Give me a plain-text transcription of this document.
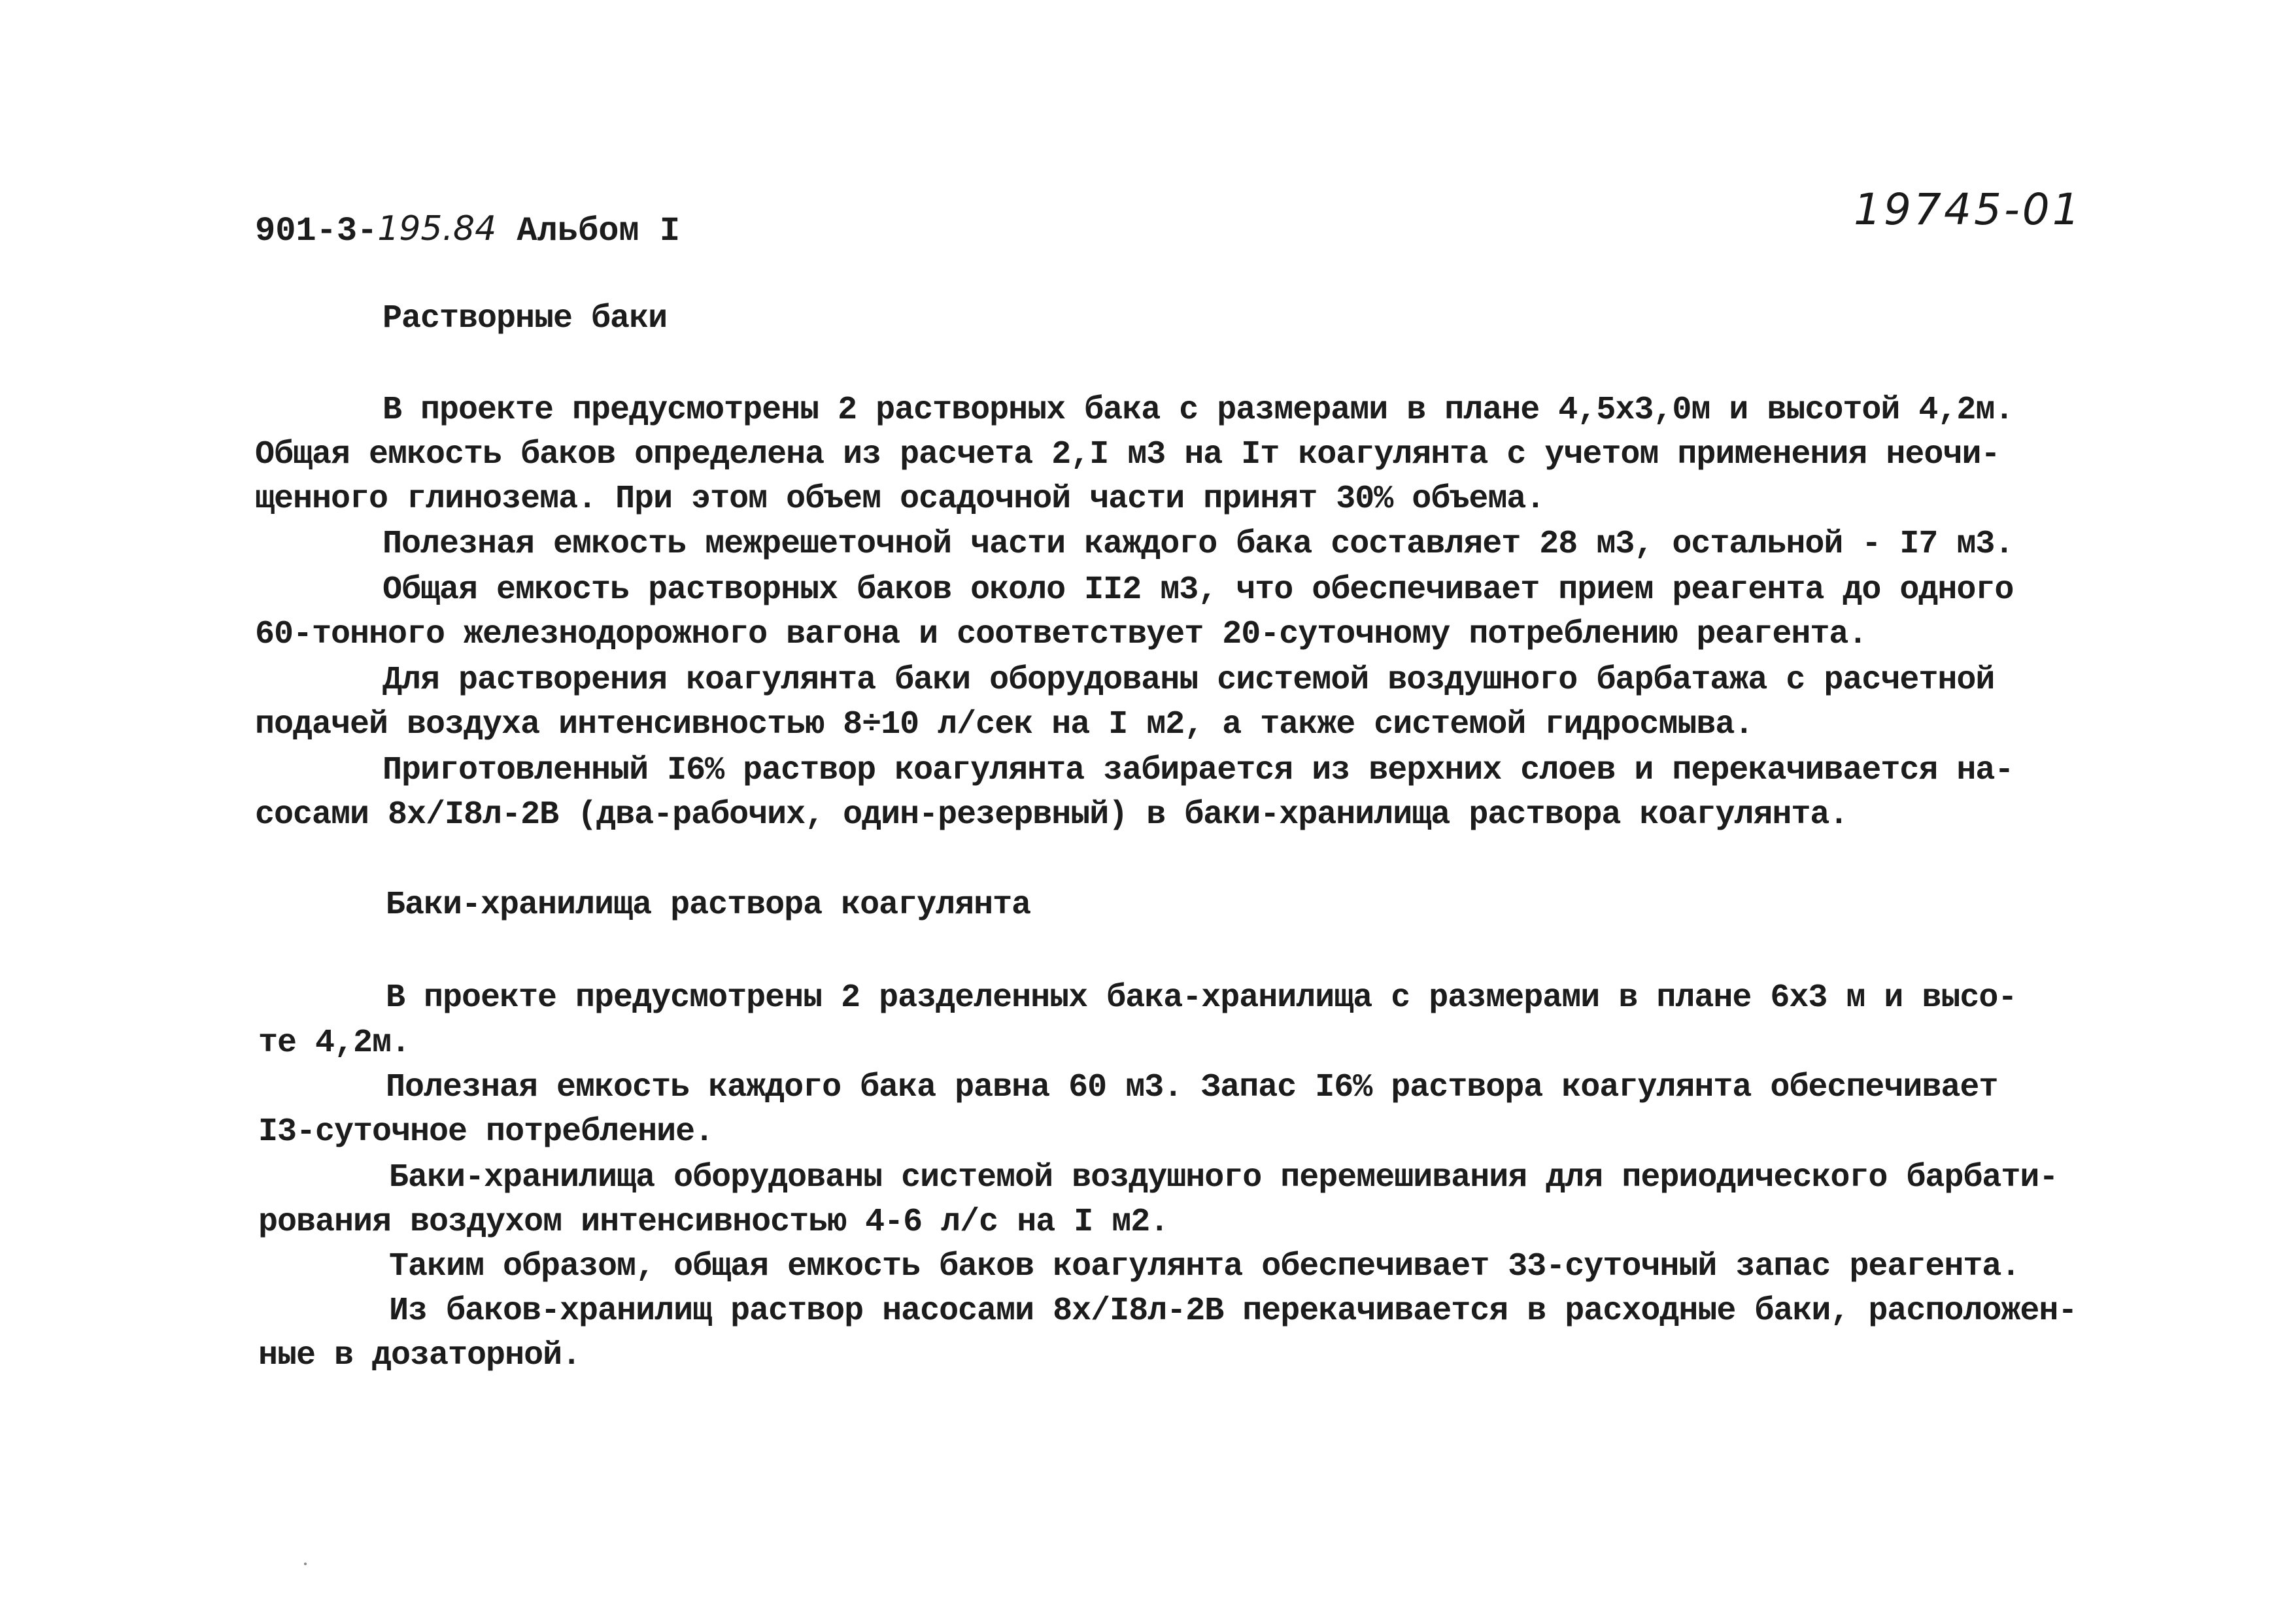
901-3-195.84 Альбом I	19745-01
Растворные баки
В проекте предусмотрены 2 растворных бака с размерами в плане 4,5х3,0м и высотой 4,2м.
Общая емкость баков определена из расчета 2,I м3 на Iт коагулянта с учетом применения неочи-
щенного глинозема. При этом объем осадочной части принят 30% объема.
Полезная емкость межрешеточной части каждого бака составляет 28 м3, остальной - I7 м3.
Общая емкость растворных баков около II2 м3, что обеспечивает прием реагента до одного
60-тонного железнодорожного вагона и соответствует 20-суточному потреблению реагента.
Для растворения коагулянта баки оборудованы системой воздушного барбатажа с расчетной
подачей воздуха интенсивностью 8÷10 л/сек на I м2, а также системой гидросмыва.
Приготовленный I6% раствор коагулянта забирается из верхних слоев и перекачивается на-
сосами 8х/I8л-2В (два-рабочих, один-резервный) в баки-хранилища раствора коагулянта.
Баки-хранилища раствора коагулянта
В проекте предусмотрены 2 разделенных бака-хранилища с размерами в плане 6х3 м и высо-
те 4,2м.
Полезная емкость каждого бака равна 60 м3. Запас I6% раствора коагулянта обеспечивает
I3-суточное потребление.
Баки-хранилища оборудованы системой воздушного перемешивания для периодического барбати-
рования воздухом интенсивностью 4-6 л/с на I м2.
Таким образом, общая емкость баков коагулянта обеспечивает 33-суточный запас реагента.
Из баков-хранилищ раствор насосами 8х/I8л-2В перекачивается в расходные баки, расположен-
ные в дозаторной.
